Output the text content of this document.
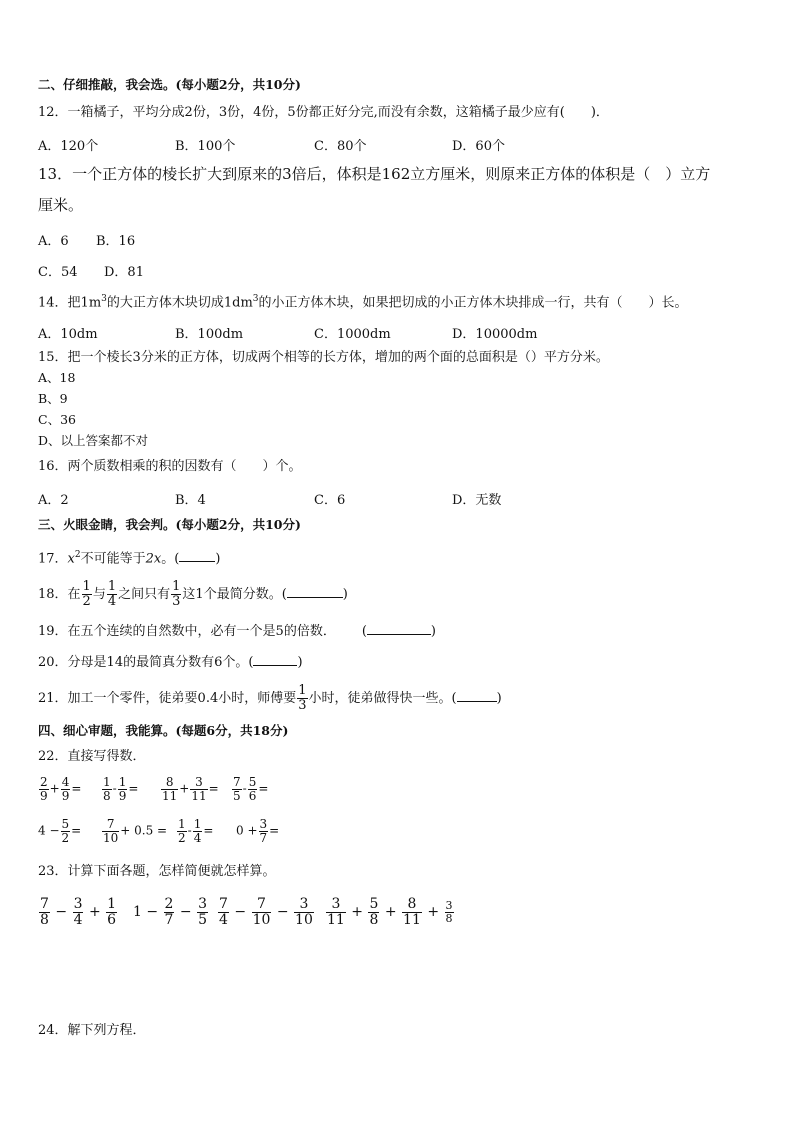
二、仔细推敲，我会选。(每小题2分，共10分)
12．一箱橘子，平均分成2份，3份，4份，5份都正好分完,而没有余数，这箱橘子最少应有(　　)．
A．120个	B．100个	C．80个	D．60个
13．一个正方体的棱长扩大到原来的3倍后，体积是162立方厘米，则原来正方体的体积是（　）立方
厘米。
A．6 B．16
C．54 D．81
14．把$1m^3$的大正方体木块切成$1dm^3$的小正方体木块，如果把切成的小正方体木块排成一行，共有（　　）长。
A．10dm	B．100dm	C．1000dm	D．10000dm
15．把一个棱长3分米的正方体，切成两个相等的长方体，增加的两个面的总面积是（）平方分米。
A、18
B、9
C、36
D、以上答案都不对
16．两个质数相乘的积的因数有（　　）个。
A．2	B．4	C．6	D．无数
三、火眼金睛，我会判。(每小题2分，共10分)
17．$x^2$不可能等于2x。(	)
18．在 $\frac{1}{2}$ 与 $\frac{1}{4}$ 之间只有 $\frac{1}{3}$ 这1个最简分数。(	)
19．在五个连续的自然数中，必有一个是5的倍数． (	)
20．分母是14的最简真分数有6个。(	)
21．加工一个零件，徒弟要0.4小时，师傅要 $\frac{1}{3}$ 小时，徒弟做得快一些。(	)
四、细心审题，我能算。(每题6分，共18分)
22．直接写得数．
$\frac{2}{9} + \frac{4}{9} = \frac{1}{8} - \frac{1}{9} = \frac{8}{11} + \frac{3}{11} = \frac{7}{5} - \frac{5}{6}$ =
$4 - \frac{5}{2} = \frac{7}{10} + 0.5 = \frac{1}{2} - \frac{1}{4} = 0 + \frac{3}{7}$ =
23．计算下面各题，怎样简便就怎样算。
$\frac{7}{8} - \frac{3}{4} + \frac{1}{6} 1 - \frac{2}{7} - \frac{3}{5} \frac{7}{4} - \frac{7}{10} - \frac{3}{10} \frac{3}{11} + \frac{5}{8} + \frac{8}{11} + \frac{3}{8}$
24．解下列方程．
